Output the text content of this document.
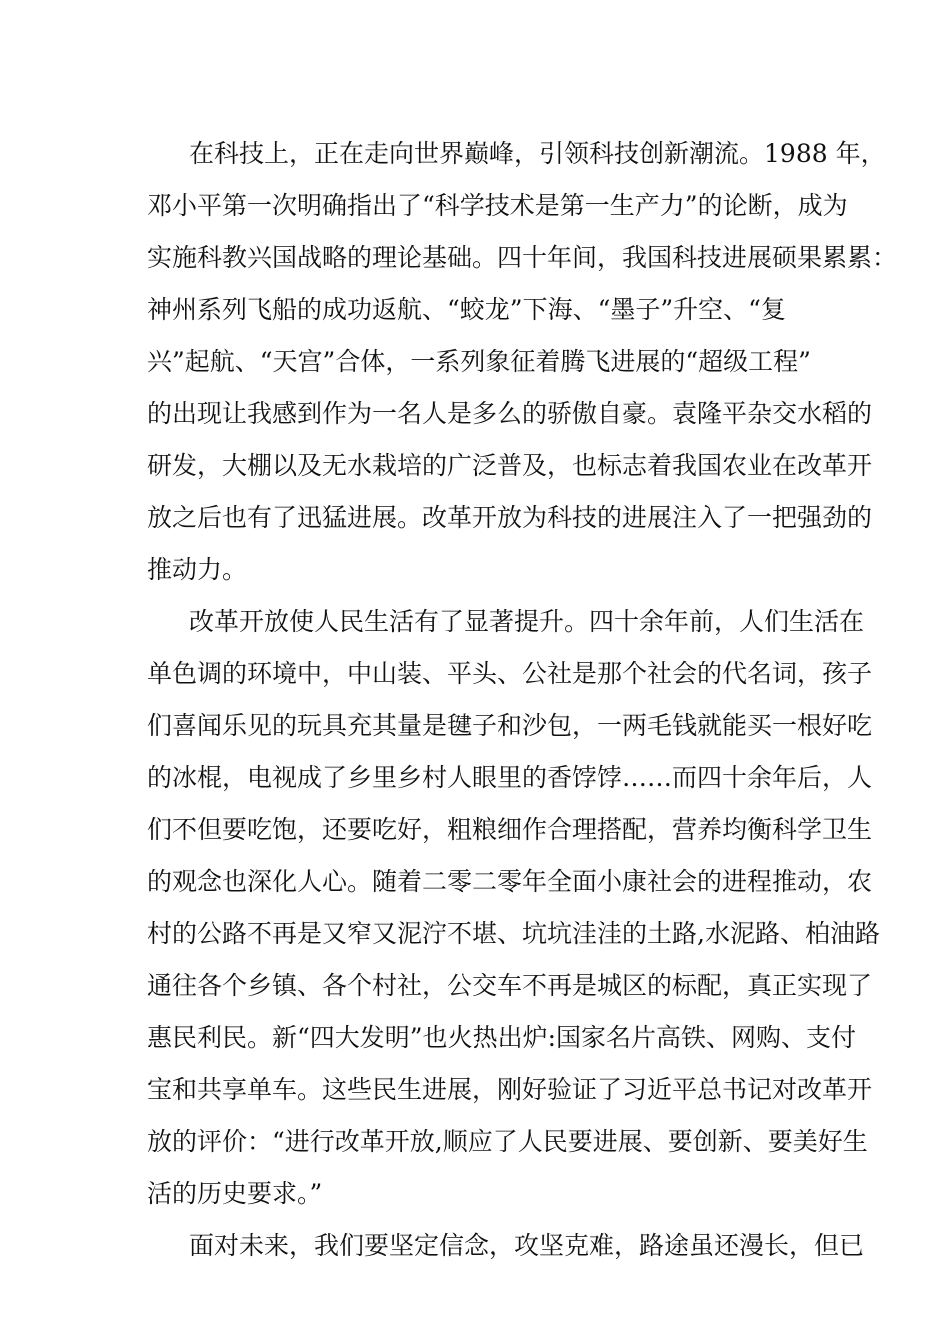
在科技上，正在走向世界巅峰，引领科技创新潮流。1988 年，
邓小平第一次明确指出了“科学技术是第一生产力”的论断，成为
实施科教兴国战略的理论基础。四十年间，我国科技进展硕果累累：
神州系列飞船的成功返航、“蛟龙”下海、“墨子”升空、“复
兴”起航、“天宫”合体，一系列象征着腾飞进展的“超级工程”
的出现让我感到作为一名人是多么的骄傲自豪。袁隆平杂交水稻的
研发，大棚以及无水栽培的广泛普及，也标志着我国农业在改革开
放之后也有了迅猛进展。改革开放为科技的进展注入了一把强劲的
推动力。
改革开放使人民生活有了显著提升。四十余年前，人们生活在
单色调的环境中，中山装、平头、公社是那个社会的代名词，孩子
们喜闻乐见的玩具充其量是毽子和沙包，一两毛钱就能买一根好吃
的冰棍，电视成了乡里乡村人眼里的香饽饽……而四十余年后，人
们不但要吃饱，还要吃好，粗粮细作合理搭配，营养均衡科学卫生
的观念也深化人心。随着二零二零年全面小康社会的进程推动，农
村的公路不再是又窄又泥泞不堪、坑坑洼洼的土路,水泥路、柏油路
通往各个乡镇、各个村社，公交车不再是城区的标配，真正实现了
惠民利民。新“四大发明”也火热出炉:国家名片高铁、网购、支付
宝和共享单车。这些民生进展，刚好验证了习近平总书记对改革开
放的评价：“进行改革开放,顺应了人民要进展、要创新、要美好生
活的历史要求。”
面对未来，我们要坚定信念，攻坚克难，路途虽还漫长，但已
